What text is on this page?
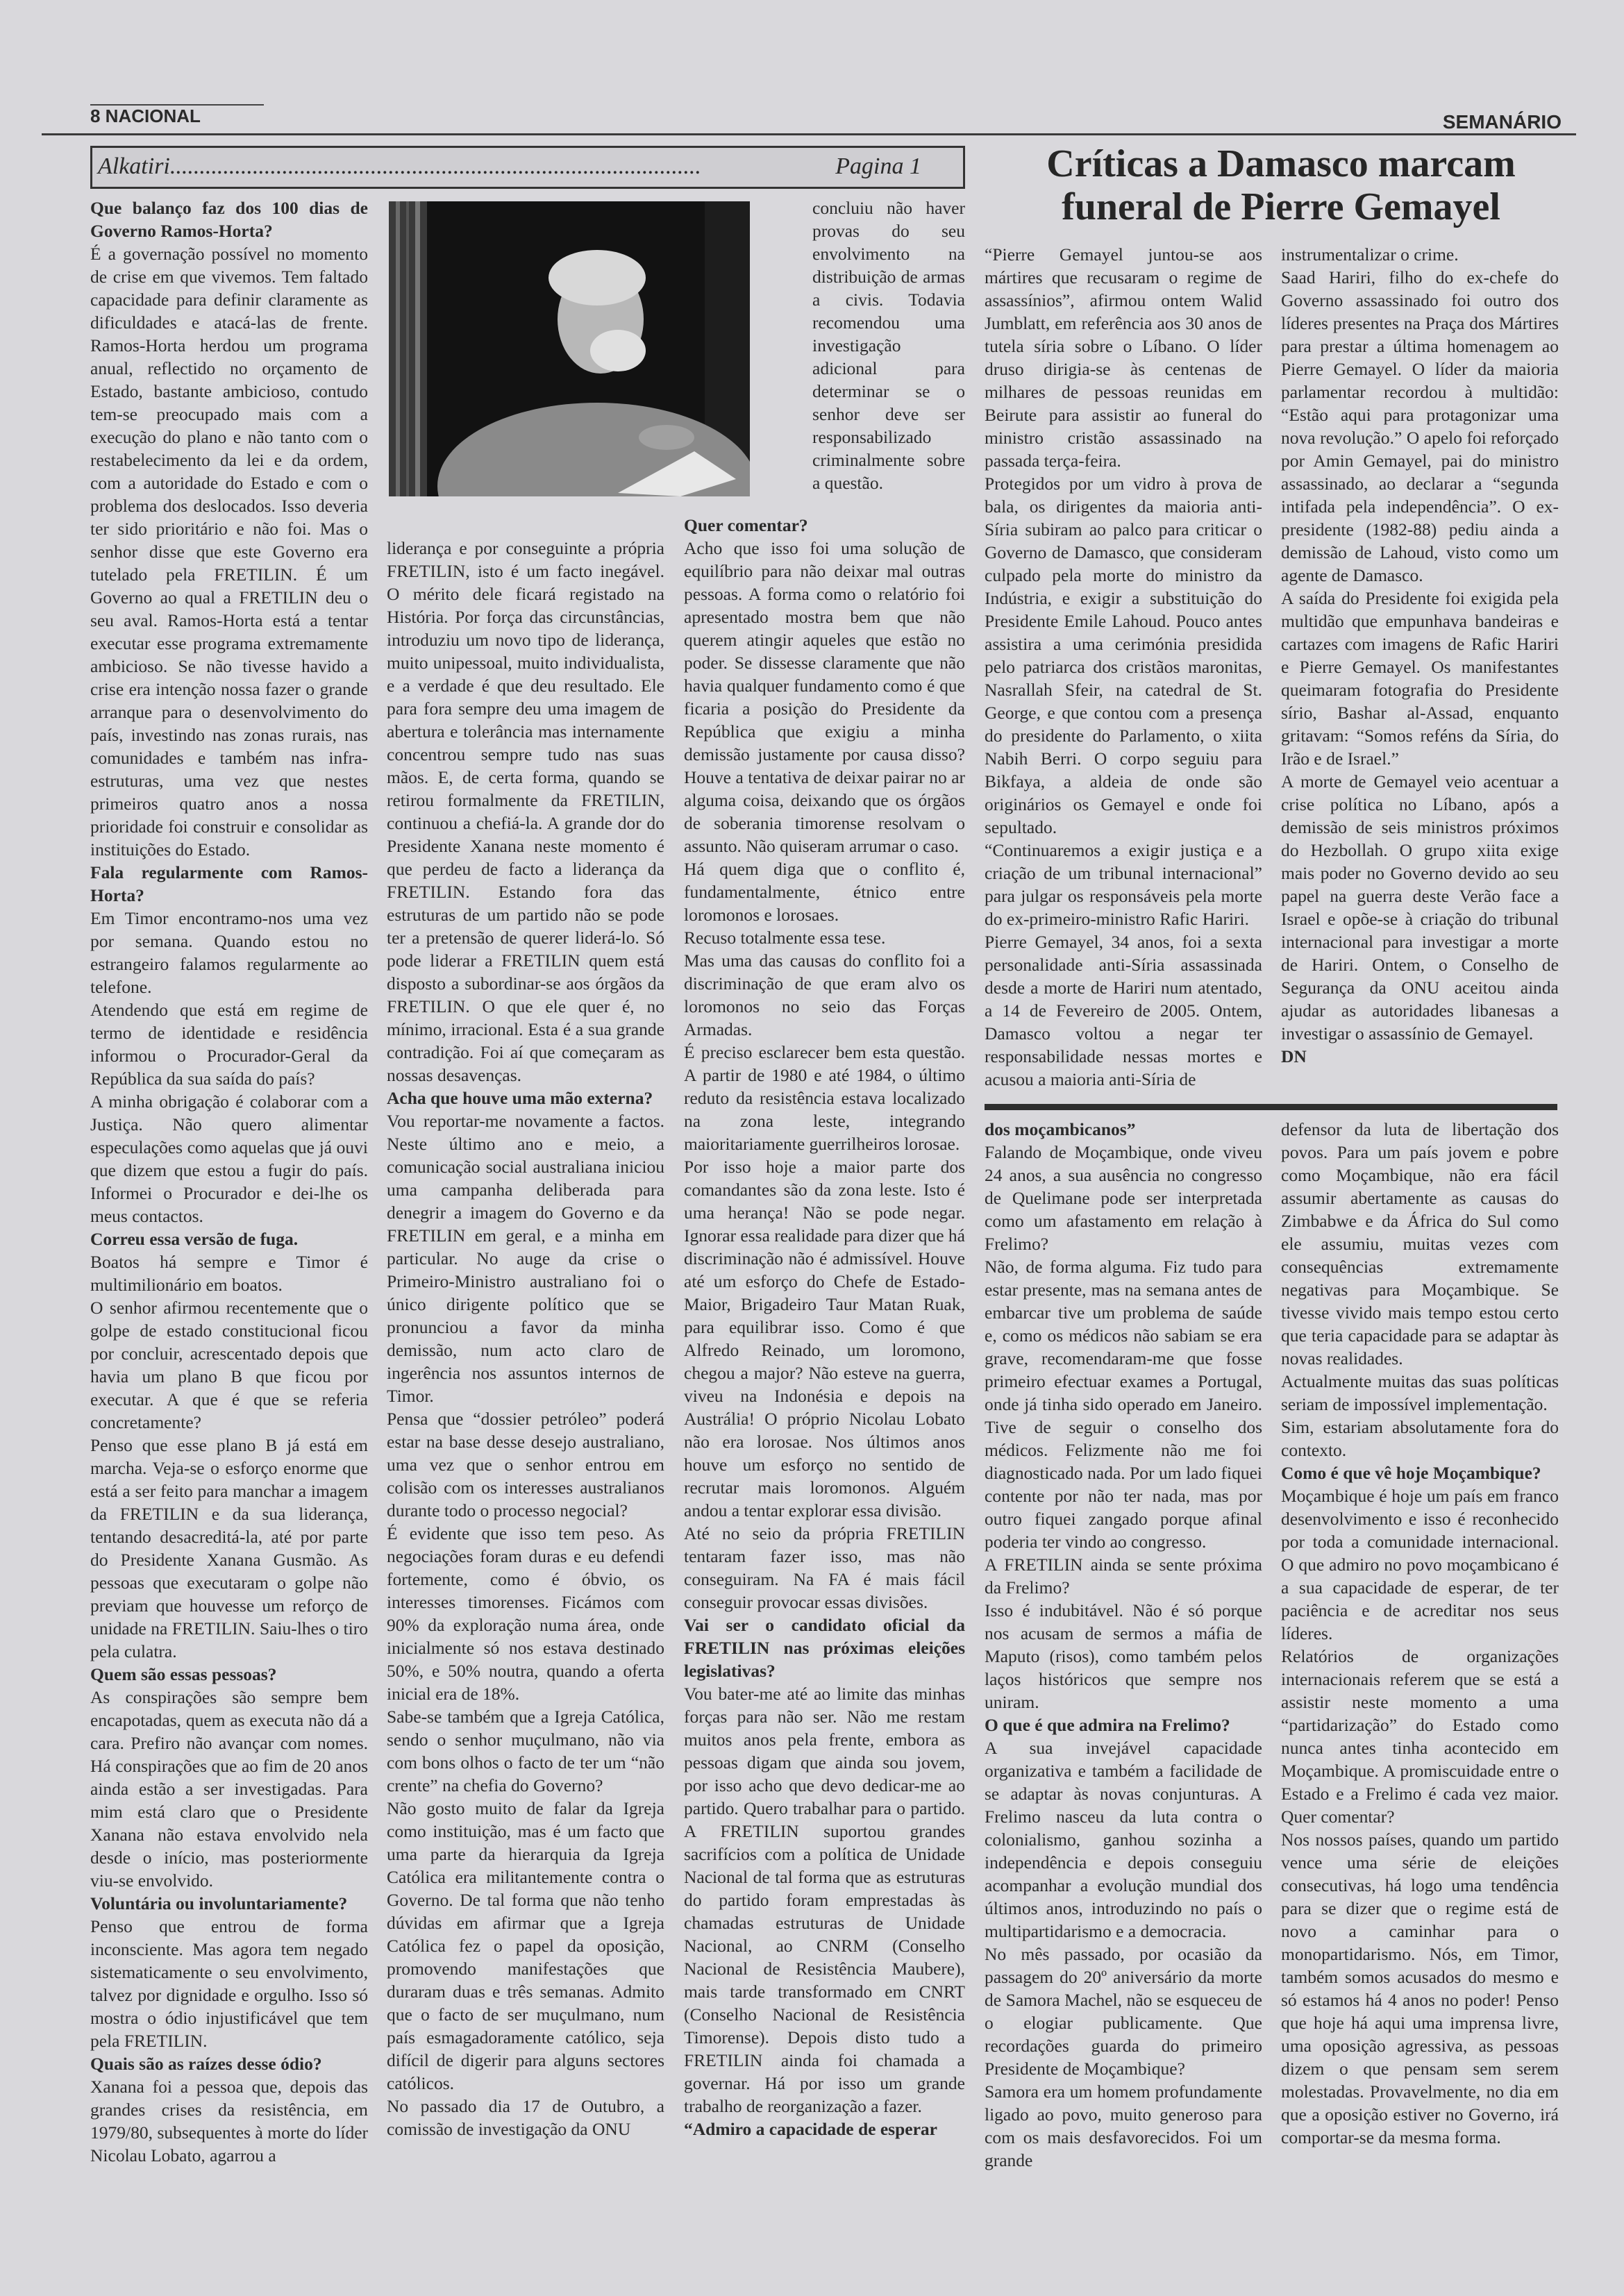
8 NACIONAL	SEMANÁRIO
Alkatiri..........................................................................................	Pagina 1	Críticas a Damasco marcam funeral de Pierre Gemayel

Que balanço faz dos 100 dias de Governo Ramos-Horta?

É a governação possível no momento de crise em que vivemos. Tem faltado capacidade para definir claramente as dificuldades e atacá-las de frente. Ramos-Horta herdou um programa anual, reflectido no orçamento de Estado, bastante ambicioso, contudo tem-se preocupado mais com a execução do plano e não tanto com o restabelecimento da lei e da ordem, com a autoridade do Estado e com o problema dos deslocados. Isso deveria ter sido prioritário e não foi. Mas o senhor disse que este Governo era tutelado pela FRETILIN. É um Governo ao qual a FRETILIN deu o seu aval. Ramos-Horta está a tentar executar esse programa extremamente ambicioso. Se não tivesse havido a crise era intenção nossa fazer o grande arranque para o desenvolvimento do país, investindo nas zonas rurais, nas comunidades e também nas infra-estruturas, uma vez que nestes primeiros quatro anos a nossa prioridade foi construir e consolidar as instituições do Estado.

Fala regularmente com Ramos-Horta?

Em Timor encontramo-nos uma vez por semana. Quando estou no estrangeiro falamos regularmente ao telefone.

Atendendo que está em regime de termo de identidade e residência informou o Procurador-Geral da República da sua saída do país?

A minha obrigação é colaborar com a Justiça. Não quero alimentar especulações como aquelas que já ouvi que dizem que estou a fugir do país. Informei o Procurador e dei-lhe os meus contactos.

Correu essa versão de fuga.

Boatos há sempre e Timor é multimilionário em boatos.

O senhor afirmou recentemente que o golpe de estado constitucional ficou por concluir, acrescentado depois que havia um plano B que ficou por executar. A que é que se referia concretamente?

Penso que esse plano B já está em marcha. Veja-se o esforço enorme que está a ser feito para manchar a imagem da FRETILIN e da sua liderança, tentando desacreditá-la, até por parte do Presidente Xanana Gusmão. As pessoas que executaram o golpe não previam que houvesse um reforço de unidade na FRETILIN. Saiu-lhes o tiro pela culatra.

Quem são essas pessoas?

As conspirações são sempre bem encapotadas, quem as executa não dá a cara. Prefiro não avançar com nomes. Há conspirações que ao fim de 20 anos ainda estão a ser investigadas. Para mim está claro que o Presidente Xanana não estava envolvido nela desde o início, mas posteriormente viu-se envolvido.

Voluntária ou involuntariamente?

Penso que entrou de forma inconsciente. Mas agora tem negado sistematicamente o seu envolvimento, talvez por dignidade e orgulho. Isso só mostra o ódio injustificável que tem pela FRETILIN.

Quais são as raízes desse ódio?

Xanana foi a pessoa que, depois das grandes crises da resistência, em 1979/80, subsequentes à morte do líder Nicolau Lobato, agarrou a

liderança e por conseguinte a própria FRETILIN, isto é um facto inegável. O mérito dele ficará registado na História. Por força das circunstâncias, introduziu um novo tipo de liderança, muito unipessoal, muito individualista, e a verdade é que deu resultado. Ele para fora sempre deu uma imagem de abertura e tolerância mas internamente concentrou sempre tudo nas suas mãos. E, de certa forma, quando se retirou formalmente da FRETILIN, continuou a chefiá-la. A grande dor do Presidente Xanana neste momento é que perdeu de facto a liderança da FRETILIN. Estando fora das estruturas de um partido não se pode ter a pretensão de querer liderá-lo. Só pode liderar a FRETILIN quem está disposto a subordinar-se aos órgãos da FRETILIN. O que ele quer é, no mínimo, irracional. Esta é a sua grande contradição. Foi aí que começaram as nossas desavenças.

Acha que houve uma mão externa?

Vou reportar-me novamente a factos. Neste último ano e meio, a comunicação social australiana iniciou uma campanha deliberada para denegrir a imagem do Governo e da FRETILIN em geral, e a minha em particular. No auge da crise o Primeiro-Ministro australiano foi o único dirigente político que se pronunciou a favor da minha demissão, num acto claro de ingerência nos assuntos internos de Timor.

Pensa que “dossier petróleo” poderá estar na base desse desejo australiano, uma vez que o senhor entrou em colisão com os interesses australianos durante todo o processo negocial?

É evidente que isso tem peso. As negociações foram duras e eu defendi fortemente, como é óbvio, os interesses timorenses. Ficámos com 90% da exploração numa área, onde inicialmente só nos estava destinado 50%, e 50% noutra, quando a oferta inicial era de 18%.

Sabe-se também que a Igreja Católica, sendo o senhor muçulmano, não via com bons olhos o facto de ter um “não crente” na chefia do Governo?

Não gosto muito de falar da Igreja como instituição, mas é um facto que uma parte da hierarquia da Igreja Católica era militantemente contra o Governo. De tal forma que não tenho dúvidas em afirmar que a Igreja Católica fez o papel da oposição, promovendo manifestações que duraram duas e três semanas. Admito que o facto de ser muçulmano, num país esmagadoramente católico, seja difícil de digerir para alguns sectores católicos.

No passado dia 17 de Outubro, a comissão de investigação da ONU

concluiu não haver provas do seu envolvimento na distribuição de armas a civis. Todavia recomendou uma investigação adicional para determinar se o senhor deve ser responsabilizado criminalmente sobre a questão.

Quer comentar?

Acho que isso foi uma solução de equilíbrio para não deixar mal outras pessoas. A forma como o relatório foi apresentado mostra bem que não querem atingir aqueles que estão no poder. Se dissesse claramente que não havia qualquer fundamento como é que ficaria a posição do Presidente da República que exigiu a minha demissão justamente por causa disso? Houve a tentativa de deixar pairar no ar alguma coisa, deixando que os órgãos de soberania timorense resolvam o assunto. Não quiseram arrumar o caso.

Há quem diga que o conflito é, fundamentalmente, étnico entre loromonos e lorosaes.

Recuso totalmente essa tese.

Mas uma das causas do conflito foi a discriminação de que eram alvo os loromonos no seio das Forças Armadas.

É preciso esclarecer bem esta questão. A partir de 1980 e até 1984, o último reduto da resistência estava localizado na zona leste, integrando maioritariamente guerrilheiros lorosae.

Por isso hoje a maior parte dos comandantes são da zona leste. Isto é uma herança! Não se pode negar. Ignorar essa realidade para dizer que há discriminação não é admissível. Houve até um esforço do Chefe de Estado-Maior, Brigadeiro Taur Matan Ruak, para equilibrar isso. Como é que Alfredo Reinado, um loromono, chegou a major? Não esteve na guerra, viveu na Indonésia e depois na Austrália! O próprio Nicolau Lobato não era lorosae. Nos últimos anos houve um esforço no sentido de recrutar mais loromonos. Alguém andou a tentar explorar essa divisão.

Até no seio da própria FRETILIN tentaram fazer isso, mas não conseguiram. Na FA é mais fácil conseguir provocar essas divisões.

Vai ser o candidato oficial da FRETILIN nas próximas eleições legislativas?

Vou bater-me até ao limite das minhas forças para não ser. Não me restam muitos anos pela frente, embora as pessoas digam que ainda sou jovem, por isso acho que devo dedicar-me ao partido. Quero trabalhar para o partido. A FRETILIN suportou grandes sacrifícios com a política de Unidade Nacional de tal forma que as estruturas do partido foram emprestadas às chamadas estruturas de Unidade Nacional, ao CNRM (Conselho Nacional de Resistência Maubere), mais tarde transformado em CNRT (Conselho Nacional de Resistência Timorense). Depois disto tudo a FRETILIN ainda foi chamada a governar. Há por isso um grande trabalho de reorganização a fazer.

“Admiro a capacidade de esperar

“Pierre Gemayel juntou-se aos mártires que recusaram o regime de assassínios”, afirmou ontem Walid Jumblatt, em referência aos 30 anos de tutela síria sobre o Líbano. O líder druso dirigia-se às centenas de milhares de pessoas reunidas em Beirute para assistir ao funeral do ministro cristão assassinado na passada terça-feira.

Protegidos por um vidro à prova de bala, os dirigentes da maioria anti-Síria subiram ao palco para criticar o Governo de Damasco, que consideram culpado pela morte do ministro da Indústria, e exigir a substituição do Presidente Emile Lahoud. Pouco antes assistira a uma cerimónia presidida pelo patriarca dos cristãos maronitas, Nasrallah Sfeir, na catedral de St. George, e que contou com a presença do presidente do Parlamento, o xiita Nabih Berri. O corpo seguiu para Bikfaya, a aldeia de onde são originários os Gemayel e onde foi sepultado.

“Continuaremos a exigir justiça e a criação de um tribunal internacional” para julgar os responsáveis pela morte do ex-primeiro-ministro Rafic Hariri.

Pierre Gemayel, 34 anos, foi a sexta personalidade anti-Síria assassinada desde a morte de Hariri num atentado, a 14 de Fevereiro de 2005. Ontem, Damasco voltou a negar ter responsabilidade nessas mortes e acusou a maioria anti-Síria de

instrumentalizar o crime.

Saad Hariri, filho do ex-chefe do Governo assassinado foi outro dos líderes presentes na Praça dos Mártires para prestar a última homenagem ao Pierre Gemayel. O líder da maioria parlamentar recordou à multidão: “Estão aqui para protagonizar uma nova revolução.” O apelo foi reforçado por Amin Gemayel, pai do ministro assassinado, ao declarar a “segunda intifada pela independência”. O ex-presidente (1982-88) pediu ainda a demissão de Lahoud, visto como um agente de Damasco.

A saída do Presidente foi exigida pela multidão que empunhava bandeiras e cartazes com imagens de Rafic Hariri e Pierre Gemayel. Os manifestantes queimaram fotografia do Presidente sírio, Bashar al-Assad, enquanto gritavam: “Somos reféns da Síria, do Irão e de Israel.”

A morte de Gemayel veio acentuar a crise política no Líbano, após a demissão de seis ministros próximos do Hezbollah. O grupo xiita exige mais poder no Governo devido ao seu papel na guerra deste Verão face a Israel e opõe-se à criação do tribunal internacional para investigar a morte de Hariri. Ontem, o Conselho de Segurança da ONU aceitou ainda ajudar as autoridades libanesas a investigar o assassínio de Gemayel.

DN

dos moçambicanos”

Falando de Moçambique, onde viveu 24 anos, a sua ausência no congresso de Quelimane pode ser interpretada como um afastamento em relação à Frelimo?

Não, de forma alguma. Fiz tudo para estar presente, mas na semana antes de embarcar tive um problema de saúde e, como os médicos não sabiam se era grave, recomendaram-me que fosse primeiro efectuar exames a Portugal, onde já tinha sido operado em Janeiro. Tive de seguir o conselho dos médicos. Felizmente não me foi diagnosticado nada. Por um lado fiquei contente por não ter nada, mas por outro fiquei zangado porque afinal poderia ter vindo ao congresso.

A FRETILIN ainda se sente próxima da Frelimo?

Isso é indubitável. Não é só porque nos acusam de sermos a máfia de Maputo (risos), como também pelos laços históricos que sempre nos uniram.

O que é que admira na Frelimo?

A sua invejável capacidade organizativa e também a facilidade de se adaptar às novas conjunturas. A Frelimo nasceu da luta contra o colonialismo, ganhou sozinha a independência e depois conseguiu acompanhar a evolução mundial dos últimos anos, introduzindo no país o multipartidarismo e a democracia.

No mês passado, por ocasião da passagem do 20º aniversário da morte de Samora Machel, não se esqueceu de o elogiar publicamente. Que recordações guarda do primeiro Presidente de Moçambique?

Samora era um homem profundamente ligado ao povo, muito generoso para com os mais desfavorecidos. Foi um grande

defensor da luta de libertação dos povos. Para um país jovem e pobre como Moçambique, não era fácil assumir abertamente as causas do Zimbabwe e da África do Sul como ele assumiu, muitas vezes com consequências extremamente negativas para Moçambique. Se tivesse vivido mais tempo estou certo que teria capacidade para se adaptar às novas realidades.

Actualmente muitas das suas políticas seriam de impossível implementação.

Sim, estariam absolutamente fora do contexto.

Como é que vê hoje Moçambique?

Moçambique é hoje um país em franco desenvolvimento e isso é reconhecido por toda a comunidade internacional. O que admiro no povo moçambicano é a sua capacidade de esperar, de ter paciência e de acreditar nos seus líderes.

Relatórios de organizações internacionais referem que se está a assistir neste momento a uma “partidarização” do Estado como nunca antes tinha acontecido em Moçambique. A promiscuidade entre o Estado e a Frelimo é cada vez maior. Quer comentar?

Nos nossos países, quando um partido vence uma série de eleições consecutivas, há logo uma tendência para se dizer que o regime está de novo a caminhar para o monopartidarismo. Nós, em Timor, também somos acusados do mesmo e só estamos há 4 anos no poder! Penso que hoje há aqui uma imprensa livre, uma oposição agressiva, as pessoas dizem o que pensam sem serem molestadas. Provavelmente, no dia em que a oposição estiver no Governo, irá comportar-se da mesma forma.
